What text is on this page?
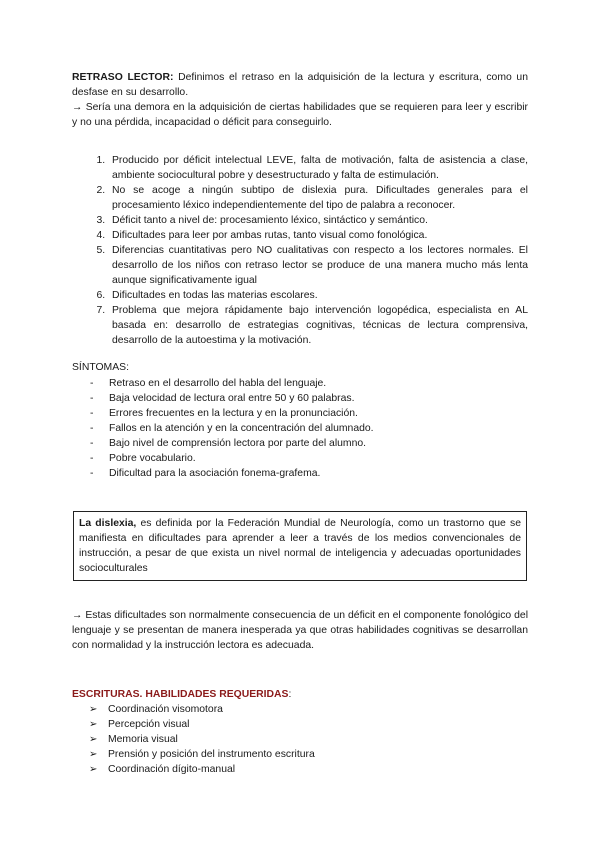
RETRASO LECTOR: Definimos el retraso en la adquisición de la lectura y escritura, como un desfase en su desarrollo.

→ Sería una demora en la adquisición de ciertas habilidades que se requieren para leer y escribir y no una pérdida, incapacidad o déficit para conseguirlo.

1. Producido por déficit intelectual LEVE, falta de motivación, falta de asistencia a clase, ambiente sociocultural pobre y desestructurado y falta de estimulación.
2. No se acoge a ningún subtipo de dislexia pura. Dificultades generales para el procesamiento léxico independientemente del tipo de palabra a reconocer.
3. Déficit tanto a nivel de: procesamiento léxico, sintáctico y semántico.
4. Dificultades para leer por ambas rutas, tanto visual como fonológica.
5. Diferencias cuantitativas pero NO cualitativas con respecto a los lectores normales. El desarrollo de los niños con retraso lector se produce de una manera mucho más lenta aunque significativamente igual
6. Dificultades en todas las materias escolares.
7. Problema que mejora rápidamente bajo intervención logopédica, especialista en AL basada en: desarrollo de estrategias cognitivas, técnicas de lectura comprensiva, desarrollo de la autoestima y la motivación.

SÍNTOMAS:

- Retraso en el desarrollo del habla del lenguaje.
- Baja velocidad de lectura oral entre 50 y 60 palabras.
- Errores frecuentes en la lectura y en la pronunciación.
- Fallos en la atención y en la concentración del alumnado.
- Bajo nivel de comprensión lectora por parte del alumno.
- Pobre vocabulario.
- Dificultad para la asociación fonema-grafema.

La dislexia, es definida por la Federación Mundial de Neurología, como un trastorno que se manifiesta en dificultades para aprender a leer a través de los medios convencionales de instrucción, a pesar de que exista un nivel normal de inteligencia y adecuadas oportunidades socioculturales

→ Estas dificultades son normalmente consecuencia de un déficit en el componente fonológico del lenguaje y se presentan de manera inesperada ya que otras habilidades cognitivas se desarrollan con normalidad y la instrucción lectora es adecuada.

ESCRITURAS. HABILIDADES REQUERIDAS:

➢ Coordinación visomotora
➢ Percepción visual
➢ Memoria visual
➢ Prensión y posición del instrumento escritura
➢ Coordinación dígito-manual
